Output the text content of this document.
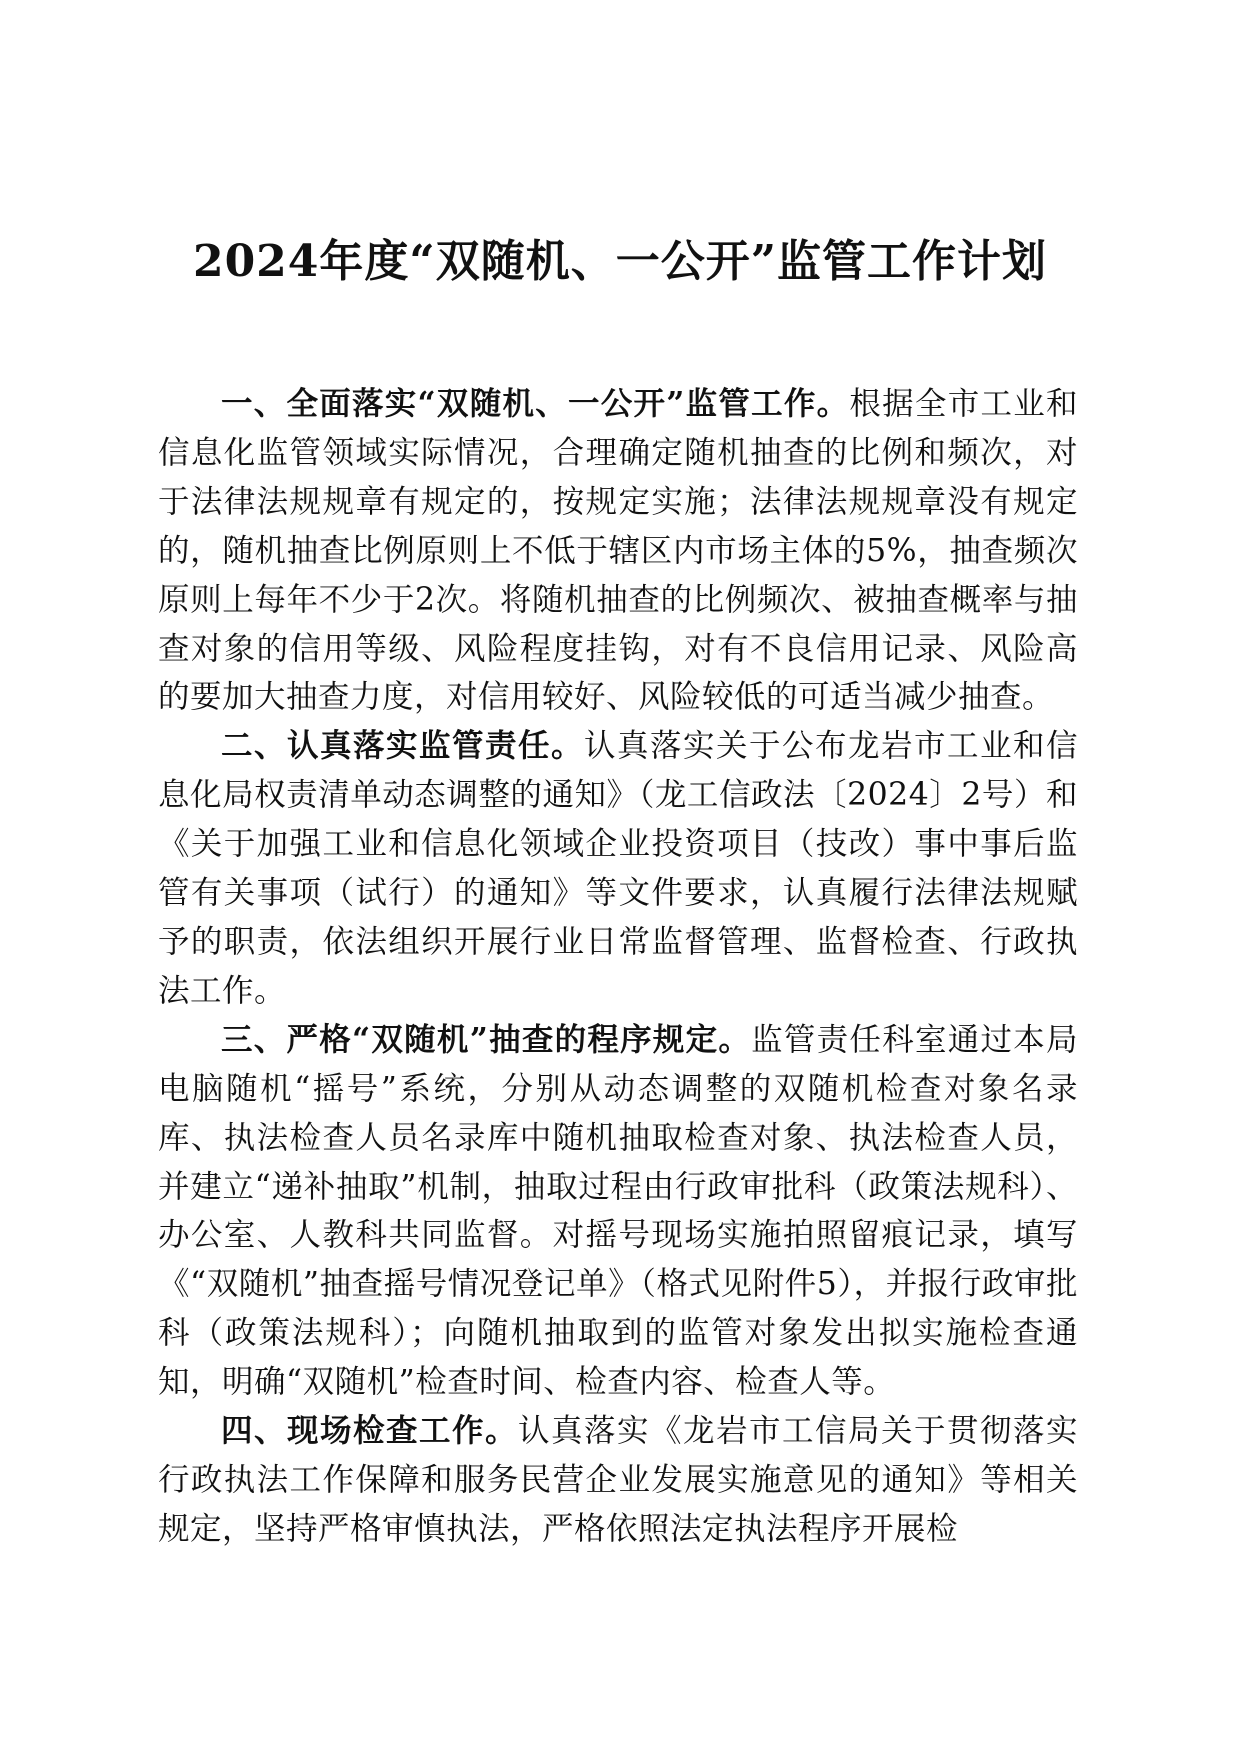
2024年度“双随机、一公开”监管工作计划

一、全面落实“双随机、一公开”监管工作。根据全市工业和信息化监管领域实际情况，合理确定随机抽查的比例和频次，对于法律法规规章有规定的，按规定实施；法律法规规章没有规定的，随机抽查比例原则上不低于辖区内市场主体的5%，抽查频次原则上每年不少于2次。将随机抽查的比例频次、被抽查概率与抽查对象的信用等级、风险程度挂钩，对有不良信用记录、风险高的要加大抽查力度，对信用较好、风险较低的可适当减少抽查。

二、认真落实监管责任。认真落实关于公布龙岩市工业和信息化局权责清单动态调整的通知》（龙工信政法〔2024〕2号）和《关于加强工业和信息化领域企业投资项目（技改）事中事后监管有关事项（试行）的通知》等文件要求，认真履行法律法规赋予的职责，依法组织开展行业日常监督管理、监督检查、行政执法工作。

三、严格“双随机”抽查的程序规定。监管责任科室通过本局电脑随机“摇号”系统，分别从动态调整的双随机检查对象名录库、执法检查人员名录库中随机抽取检查对象、执法检查人员，并建立“递补抽取”机制，抽取过程由行政审批科（政策法规科）、办公室、人教科共同监督。对摇号现场实施拍照留痕记录，填写《“双随机”抽查摇号情况登记单》（格式见附件5），并报行政审批科（政策法规科）；向随机抽取到的监管对象发出拟实施检查通知，明确“双随机”检查时间、检查内容、检查人等。

四、现场检查工作。认真落实《龙岩市工信局关于贯彻落实行政执法工作保障和服务民营企业发展实施意见的通知》等相关规定，坚持严格审慎执法，严格依照法定执法程序开展检
